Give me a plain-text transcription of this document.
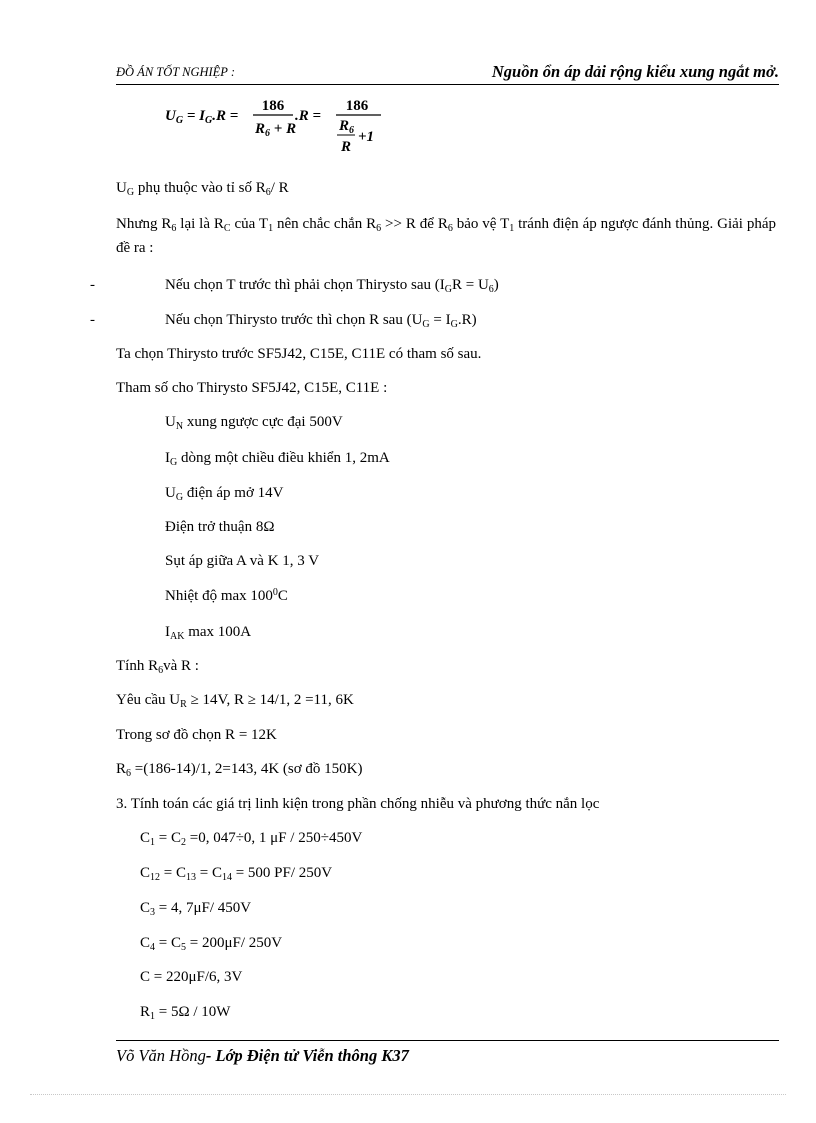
ĐỒ ÁN TỐT NGHIỆP :	Nguồn ổn áp dải rộng kiểu xung ngắt mở.
$U_G = I_G.R$ =
186
$R_6 + R$
.R =
186
$R_6$
R
+1
$U_G$ phụ thuộc vào tỉ số $R_6/$ R
Nhưng $R_6$ lại là $R_C$ của $T_1$ nên chắc chắn $R_6 >> R$ để $R_6$ bảo vệ $T_1$ tránh điện áp ngược đánh thủng. Giải pháp đề ra :
-	Nếu chọn T trước thì phải chọn Thirysto sau $(I_GR = U_6)$
-	Nếu chọn Thirysto trước thì chọn R sau $(U_G = I_G.R)$
Ta chọn Thirysto trước SF5J42, C15E, C11E có tham số sau.
Tham số cho Thirysto SF5J42, C15E, C11E :
$U_N$ xung ngược cực đại 500V
$I_G$ dòng một chiều điều khiển 1, 2mA
$U_G$ điện áp mở 14V
Điện trở thuận 8Ω
Sụt áp giữa A và K 1, 3 V
Nhiệt độ $\max 100^0C$
$I_{AK}$ max 100A
Tính $R_6và$ R :
Yêu cầu $U_R \ge 14V$, R ≥ 14/1, 2 =11, 6K
Trong sơ đồ chọn R = 12K
$R_6 =(186-14)/1$, 2=143, 4K (sơ đồ 150K)
3. Tính toán các giá trị linh kiện trong phần chống nhiễu và phương thức nắn lọc
$C_1 = C_2 =0$, 047÷0, 1 μF / 250÷450V
$C_{12} = C_{13} = C_{14} = 500$ PF/ 250V
$C_3 = 4$, 7μF/ 450V
$C_4 = C_5 = 200\mu F/$ 250V
C = 220μF/6, 3V
$R_1 = 5\Omega / 10W$
Võ Văn Hồng- Lớp Điện tử Viễn thông K37
